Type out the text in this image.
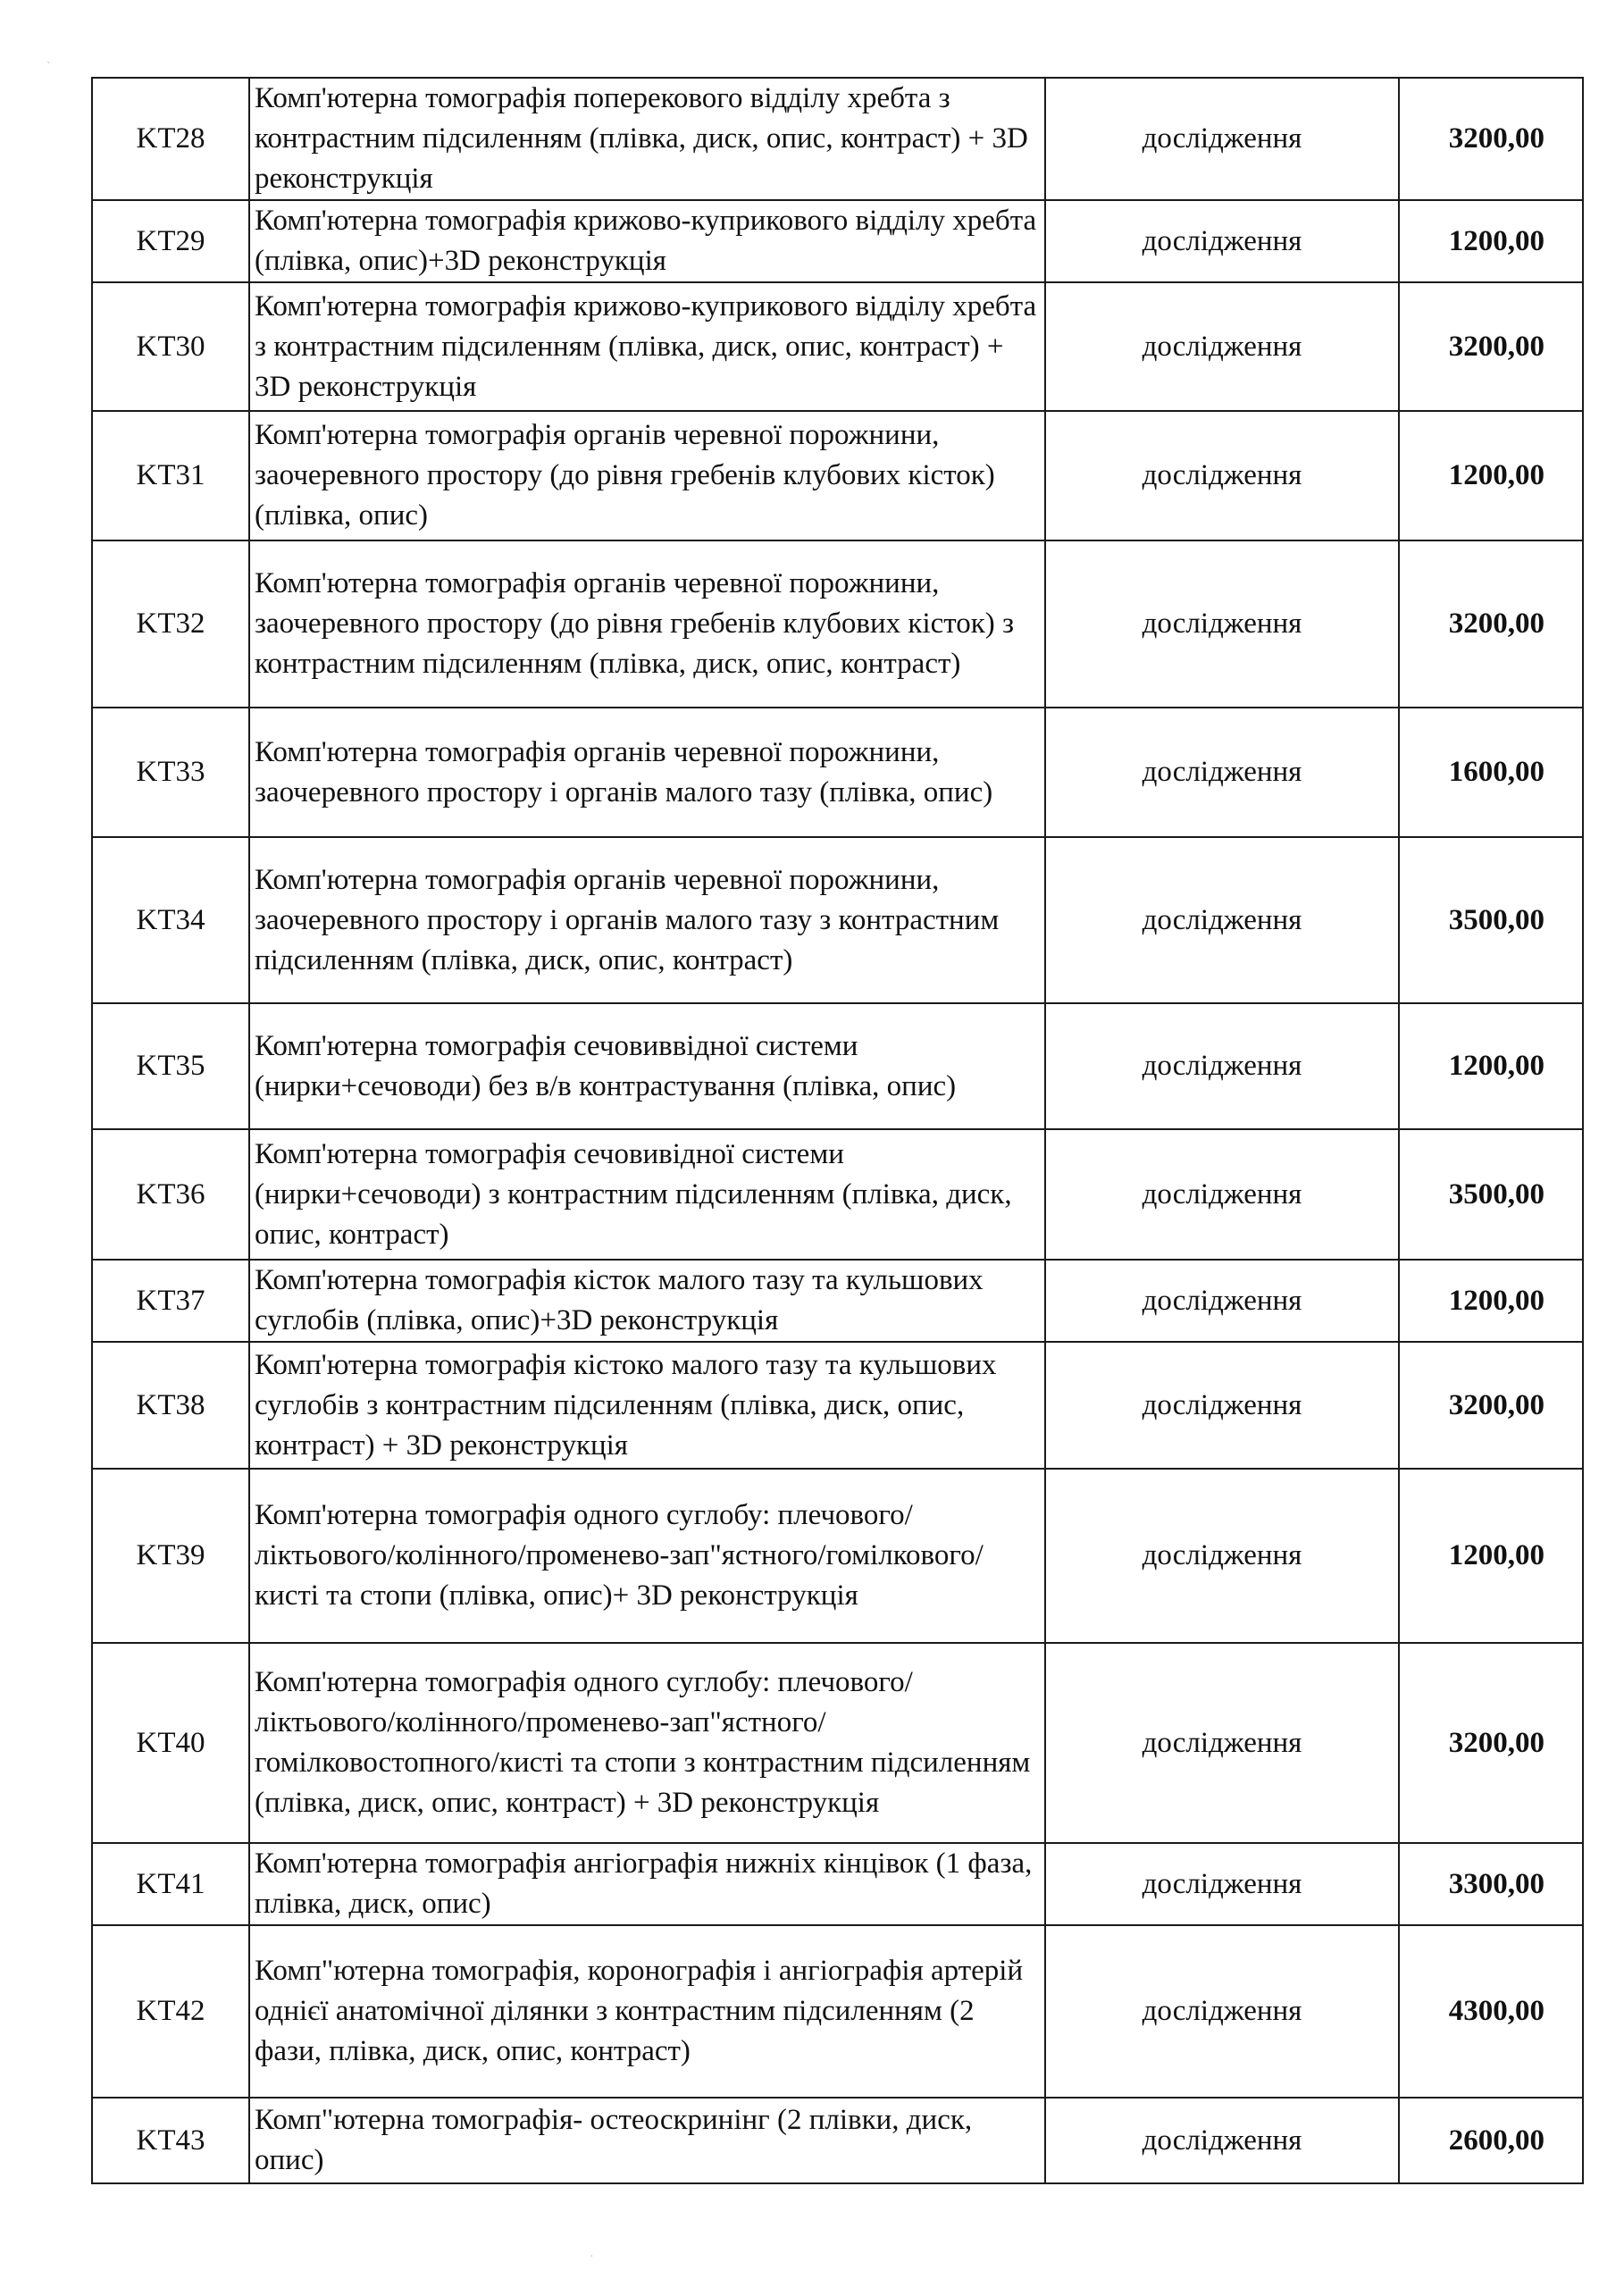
ˎ
·
KT28	Комп'ютерна томографія поперекового відділу хребта з контрастним підсиленням (плівка, диск, опис, контраст) + 3D реконструкція	дослідження	3200,00
KT29	Комп'ютерна томографія крижово-куприкового відділу хребта (плівка, опис)+3D реконструкція	дослідження	1200,00
KT30	Комп'ютерна томографія крижово-куприкового відділу хребта з контрастним підсиленням (плівка, диск, опис, контраст) + 3D реконструкція	дослідження	3200,00
KT31	Комп'ютерна томографія органів черевної порожнини, заочеревного простору (до рівня гребенів клубових кісток)(плівка, опис)	дослідження	1200,00
KT32	Комп'ютерна томографія органів черевної порожнини, заочеревного простору (до рівня гребенів клубових кісток) з контрастним підсиленням (плівка, диск, опис, контраст)	дослідження	3200,00
KT33	Комп'ютерна томографія органів черевної порожнини, заочеревного простору і органів малого тазу (плівка, опис)	дослідження	1600,00
KT34	Комп'ютерна томографія органів черевної порожнини, заочеревного простору і органів малого тазу з контрастним підсиленням (плівка, диск, опис, контраст)	дослідження	3500,00
KT35	Комп'ютерна томографія сечовиввідної системи (нирки+сечоводи) без в/в контрастування (плівка, опис)	дослідження	1200,00
KT36	Комп'ютерна томографія сечовивідної системи (нирки+сечоводи) з контрастним підсиленням (плівка, диск, опис, контраст)	дослідження	3500,00
KT37	Комп'ютерна томографія кісток малого тазу та кульшових суглобів (плівка, опис)+3D реконструкція	дослідження	1200,00
KT38	Комп'ютерна томографія кістоко малого тазу та кульшових суглобів з контрастним підсиленням (плівка, диск, опис, контраст) + 3D реконструкція	дослідження	3200,00
KT39	Комп'ютерна томографія одного суглобу: плечового/ліктьового/колінного/променево-зап"ястного/гомілкового/кисті та стопи (плівка, опис)+ 3D реконструкція	дослідження	1200,00
KT40	Комп'ютерна томографія одного суглобу: плечового/ліктьового/колінного/променево-зап"ястного/гомілковостопного/кисті та стопи з контрастним підсиленням (плівка, диск, опис, контраст) + 3D реконструкція	дослідження	3200,00
KT41	Комп'ютерна томографія ангіографія нижніх кінцівок (1 фаза, плівка, диск, опис)	дослідження	3300,00
KT42	Комп"ютерна томографія, коронографія і ангіографія артерій однієї анатомічної ділянки з контрастним підсиленням (2 фази, плівка, диск, опис, контраст)	дослідження	4300,00
KT43	Комп"ютерна томографія- остеоскринінг (2 плівки, диск, опис)	дослідження	2600,00
